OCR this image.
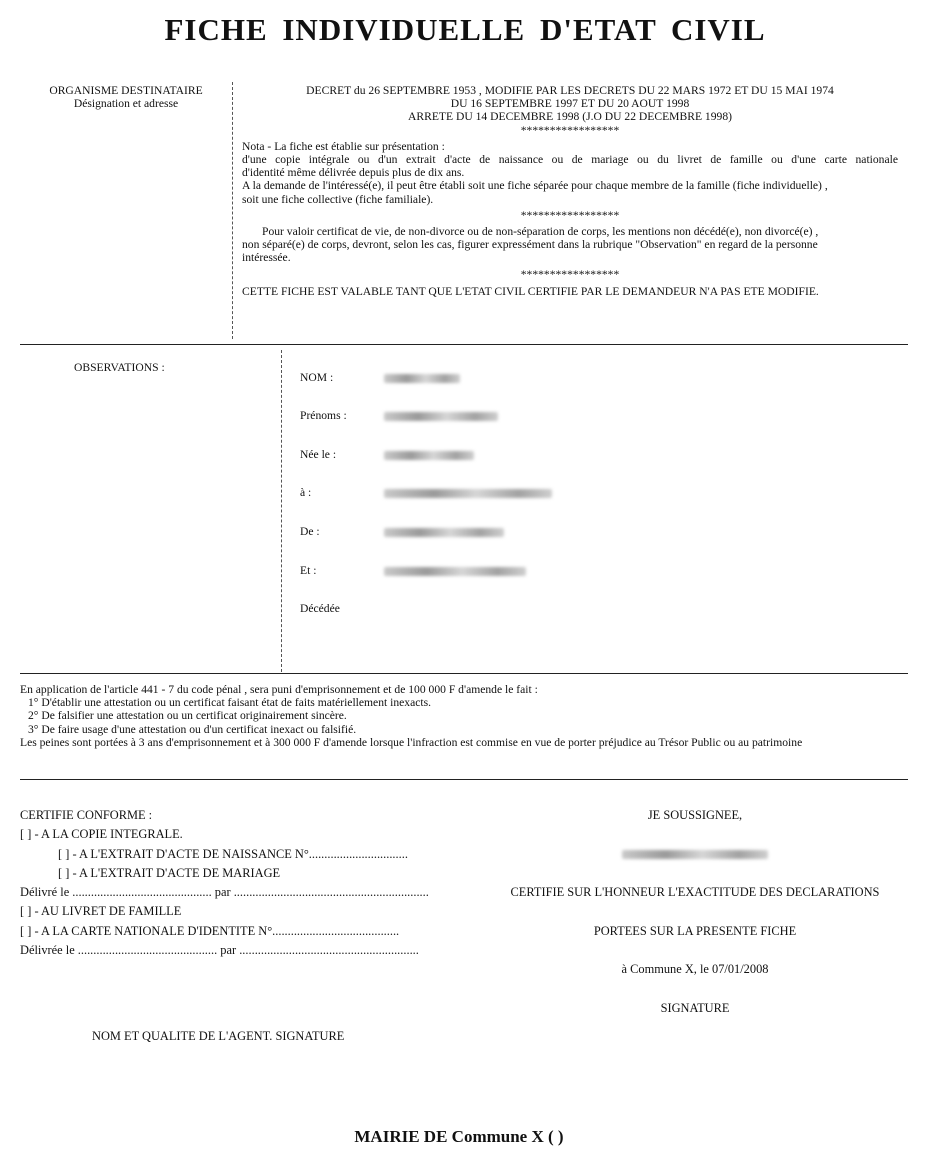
FICHE INDIVIDUELLE D'ETAT CIVIL
ORGANISME DESTINATAIRE
Désignation et adresse
DECRET du 26 SEPTEMBRE 1953 , MODIFIE PAR LES DECRETS DU 22 MARS 1972 ET DU 15 MAI 1974
DU 16 SEPTEMBRE 1997 ET DU 20 AOUT 1998
ARRETE DU 14 DECEMBRE 1998 (J.O DU 22 DECEMBRE 1998)
*****************
Nota - La fiche est établie sur présentation :
d'une copie intégrale ou d'un extrait d'acte de naissance ou de mariage ou du livret de famille ou d'une carte nationale
d'identité même délivrée depuis plus de dix ans.
A la demande de l'intéressé(e), il peut être établi soit une fiche séparée pour chaque membre de la famille (fiche individuelle) ,
soit une fiche collective (fiche familiale).
*****************
Pour valoir certificat de vie, de non-divorce ou de non-séparation de corps, les mentions non décédé(e), non divorcé(e) ,
non séparé(e) de corps, devront, selon les cas, figurer expressément dans la rubrique "Observation" en regard de la personne
intéressée.
*****************
CETTE FICHE EST VALABLE TANT QUE L'ETAT CIVIL CERTIFIE PAR LE DEMANDEUR N'A PAS ETE MODIFIE.
OBSERVATIONS :
NOM :
Prénoms :
Née le :
à :
De :
Et :
Décédée
En application de l'article 441 - 7 du code pénal , sera puni d'emprisonnement et de 100 000 F d'amende le fait :
1° D'établir une attestation ou un certificat faisant état de faits matériellement inexacts.
2° De falsifier une attestation ou un certificat originairement sincère.
3° De faire usage d'une attestation ou d'un certificat inexact ou falsifié.
Les peines sont portées à 3 ans d'emprisonnement et à 300 000 F d'amende lorsque l'infraction est commise en vue de porter préjudice au Trésor Public ou au patrimoine
CERTIFIE CONFORME :
[ ] - A LA COPIE INTEGRALE.
[ ] - A L'EXTRAIT D'ACTE DE NAISSANCE N°................................
[ ] - A L'EXTRAIT D'ACTE DE MARIAGE
Délivré le ............................................. par ...............................................................
[ ] - AU LIVRET DE FAMILLE
[ ] - A LA CARTE NATIONALE D'IDENTITE N°.........................................
Délivrée le ............................................. par ..........................................................
NOM ET QUALITE DE L'AGENT. SIGNATURE
JE SOUSSIGNEE,
CERTIFIE SUR L'HONNEUR L'EXACTITUDE DES DECLARATIONS
PORTEES SUR LA PRESENTE FICHE
à Commune X, le 07/01/2008
SIGNATURE
MAIRIE DE Commune X ( )
